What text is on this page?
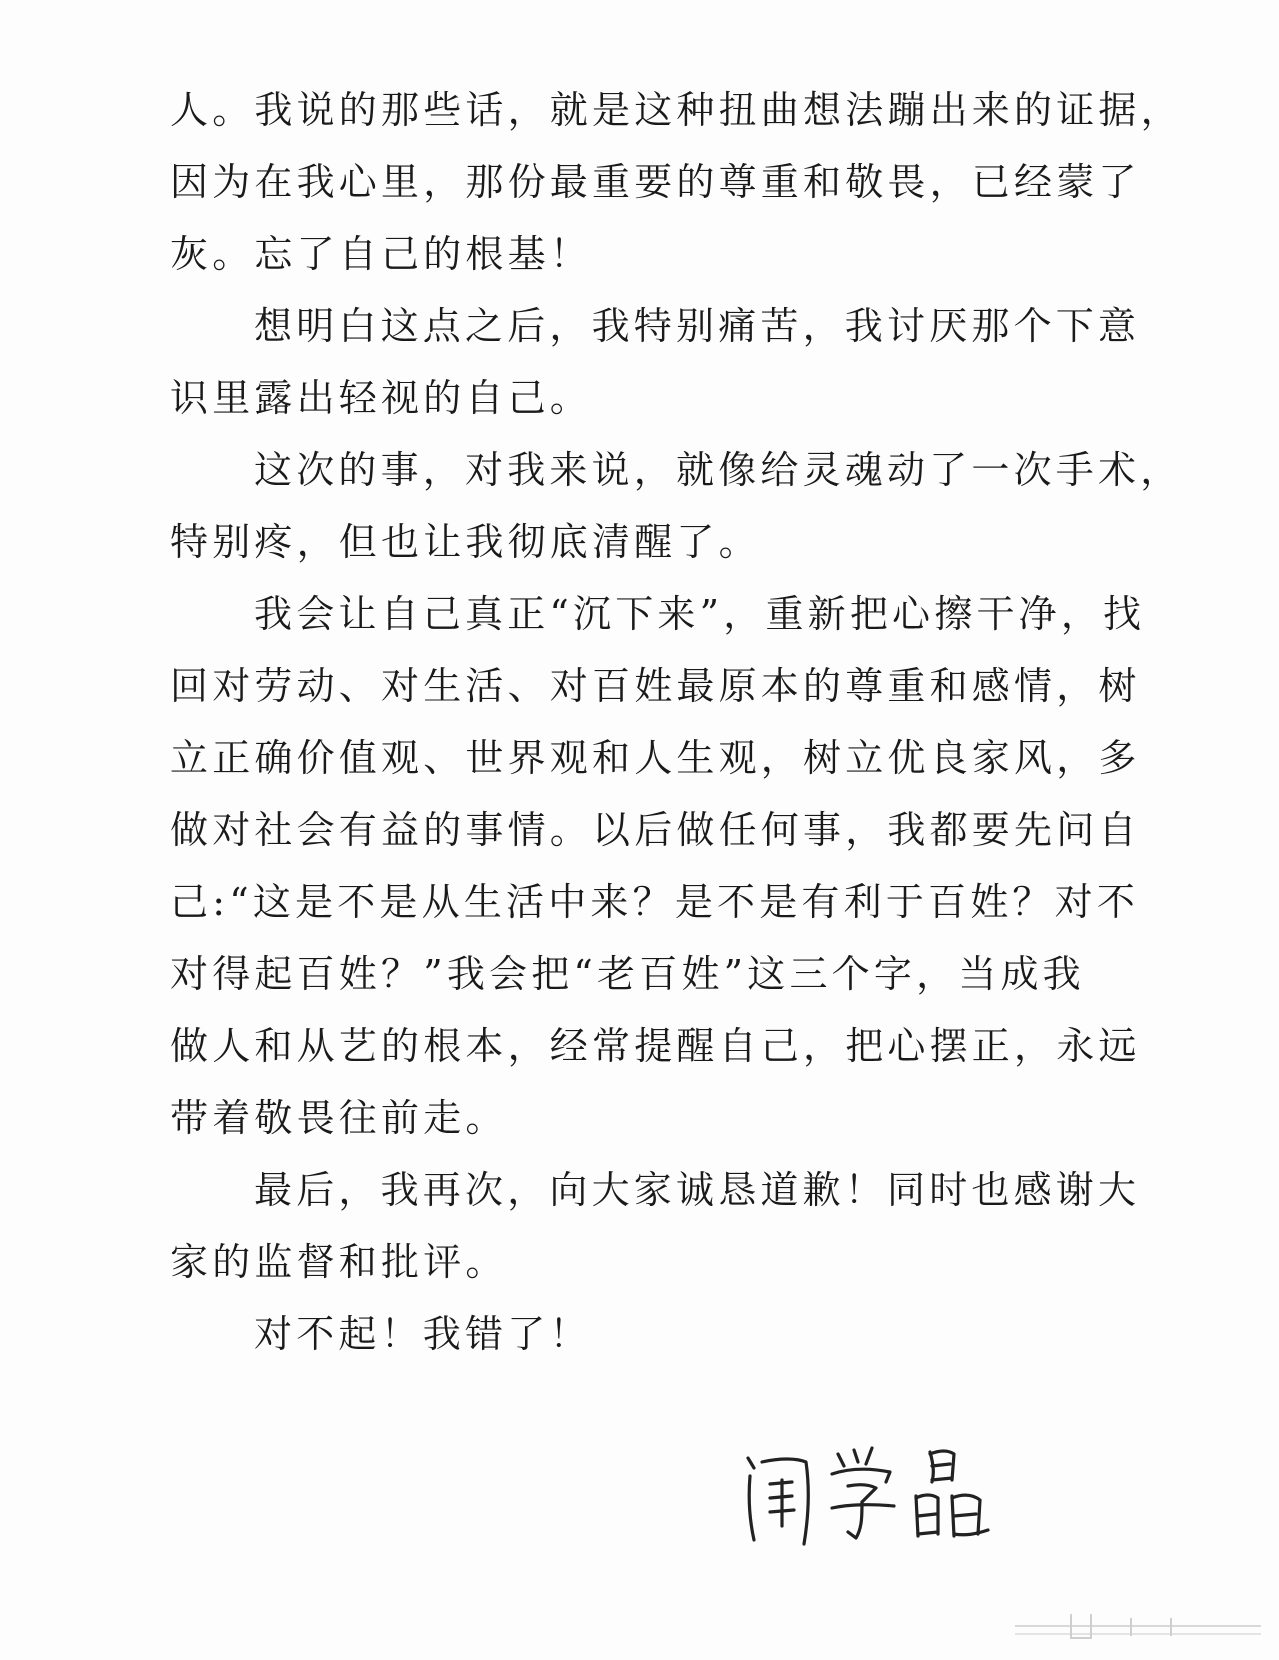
人。我说的那些话，就是这种扭曲想法蹦出来的证据，
因为在我心里，那份最重要的尊重和敬畏，已经蒙了
灰。忘了自己的根基！
想明白这点之后，我特别痛苦，我讨厌那个下意
识里露出轻视的自己。
这次的事，对我来说，就像给灵魂动了一次手术，
特别疼，但也让我彻底清醒了。
我会让自己真正“沉下来”，重新把心擦干净，找
回对劳动、对生活、对百姓最原本的尊重和感情，树
立正确价值观、世界观和人生观，树立优良家风，多
做对社会有益的事情。以后做任何事，我都要先问自
己:“这是不是从生活中来？是不是有利于百姓？对不
对得起百姓？”我会把“老百姓”这三个字，当成我
做人和从艺的根本，经常提醒自己，把心摆正，永远
带着敬畏往前走。
最后，我再次，向大家诚恳道歉！同时也感谢大
家的监督和批评。
对不起！我错了！
